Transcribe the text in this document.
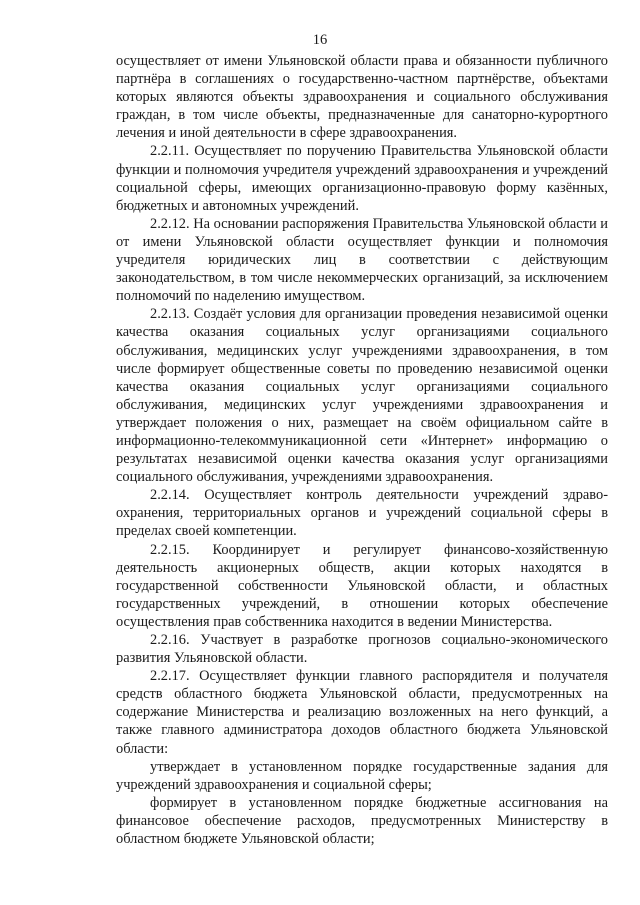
16

осуществляет от имени Ульяновской области права и обязанности публичного партнёра в соглашениях о государственно-частном партнёрстве, объектами которых являются объекты здравоохранения и социального обслуживания граждан, в том числе объекты, предназначенные для санаторно-курортного лечения и иной деятельности в сфере здравоохранения.

2.2.11. Осуществляет по поручению Правительства Ульяновской области функции и полномочия учредителя учреждений здравоохранения и учреждений социальной сферы, имеющих организационно-правовую форму казённых, бюджетных и автономных учреждений.

2.2.12. На основании распоряжения Правительства Ульяновской области и от имени Ульяновской области осуществляет функции и полномочия учредителя юридических лиц в соответствии с действующим законодательством, в том числе некоммерческих организаций, за исключением полномочий по наделению имуществом.

2.2.13. Создаёт условия для организации проведения независимой оценки качества оказания социальных услуг организациями социального обслуживания, медицинских услуг учреждениями здравоохранения, в том числе формирует общественные советы по проведению независимой оценки качества оказания социальных услуг организациями социального обслуживания, медицинских услуг учреждениями здравоохранения и утверждает положения о них, размещает на своём официальном сайте в информационно-телекоммуникационной сети «Интернет» информацию о результатах независимой оценки качества оказания услуг организациями социального обслуживания, учреждениями здравоохранения.

2.2.14. Осуществляет контроль деятельности учреждений здраво-охранения, территориальных органов и учреждений социальной сферы в пределах своей компетенции.

2.2.15. Координирует и регулирует финансово-хозяйственную деятельность акционерных обществ, акции которых находятся в государственной собственности Ульяновской области, и областных государственных учреждений, в отношении которых обеспечение осуществления прав собственника находится в ведении Министерства.

2.2.16. Участвует в разработке прогнозов социально-экономического развития Ульяновской области.

2.2.17. Осуществляет функции главного распорядителя и получателя средств областного бюджета Ульяновской области, предусмотренных на содержание Министерства и реализацию возложенных на него функций, а также главного администратора доходов областного бюджета Ульяновской области:

утверждает в установленном порядке государственные задания для учреждений здравоохранения и социальной сферы;

формирует в установленном порядке бюджетные ассигнования на финансовое обеспечение расходов, предусмотренных Министерству в областном бюджете Ульяновской области;
